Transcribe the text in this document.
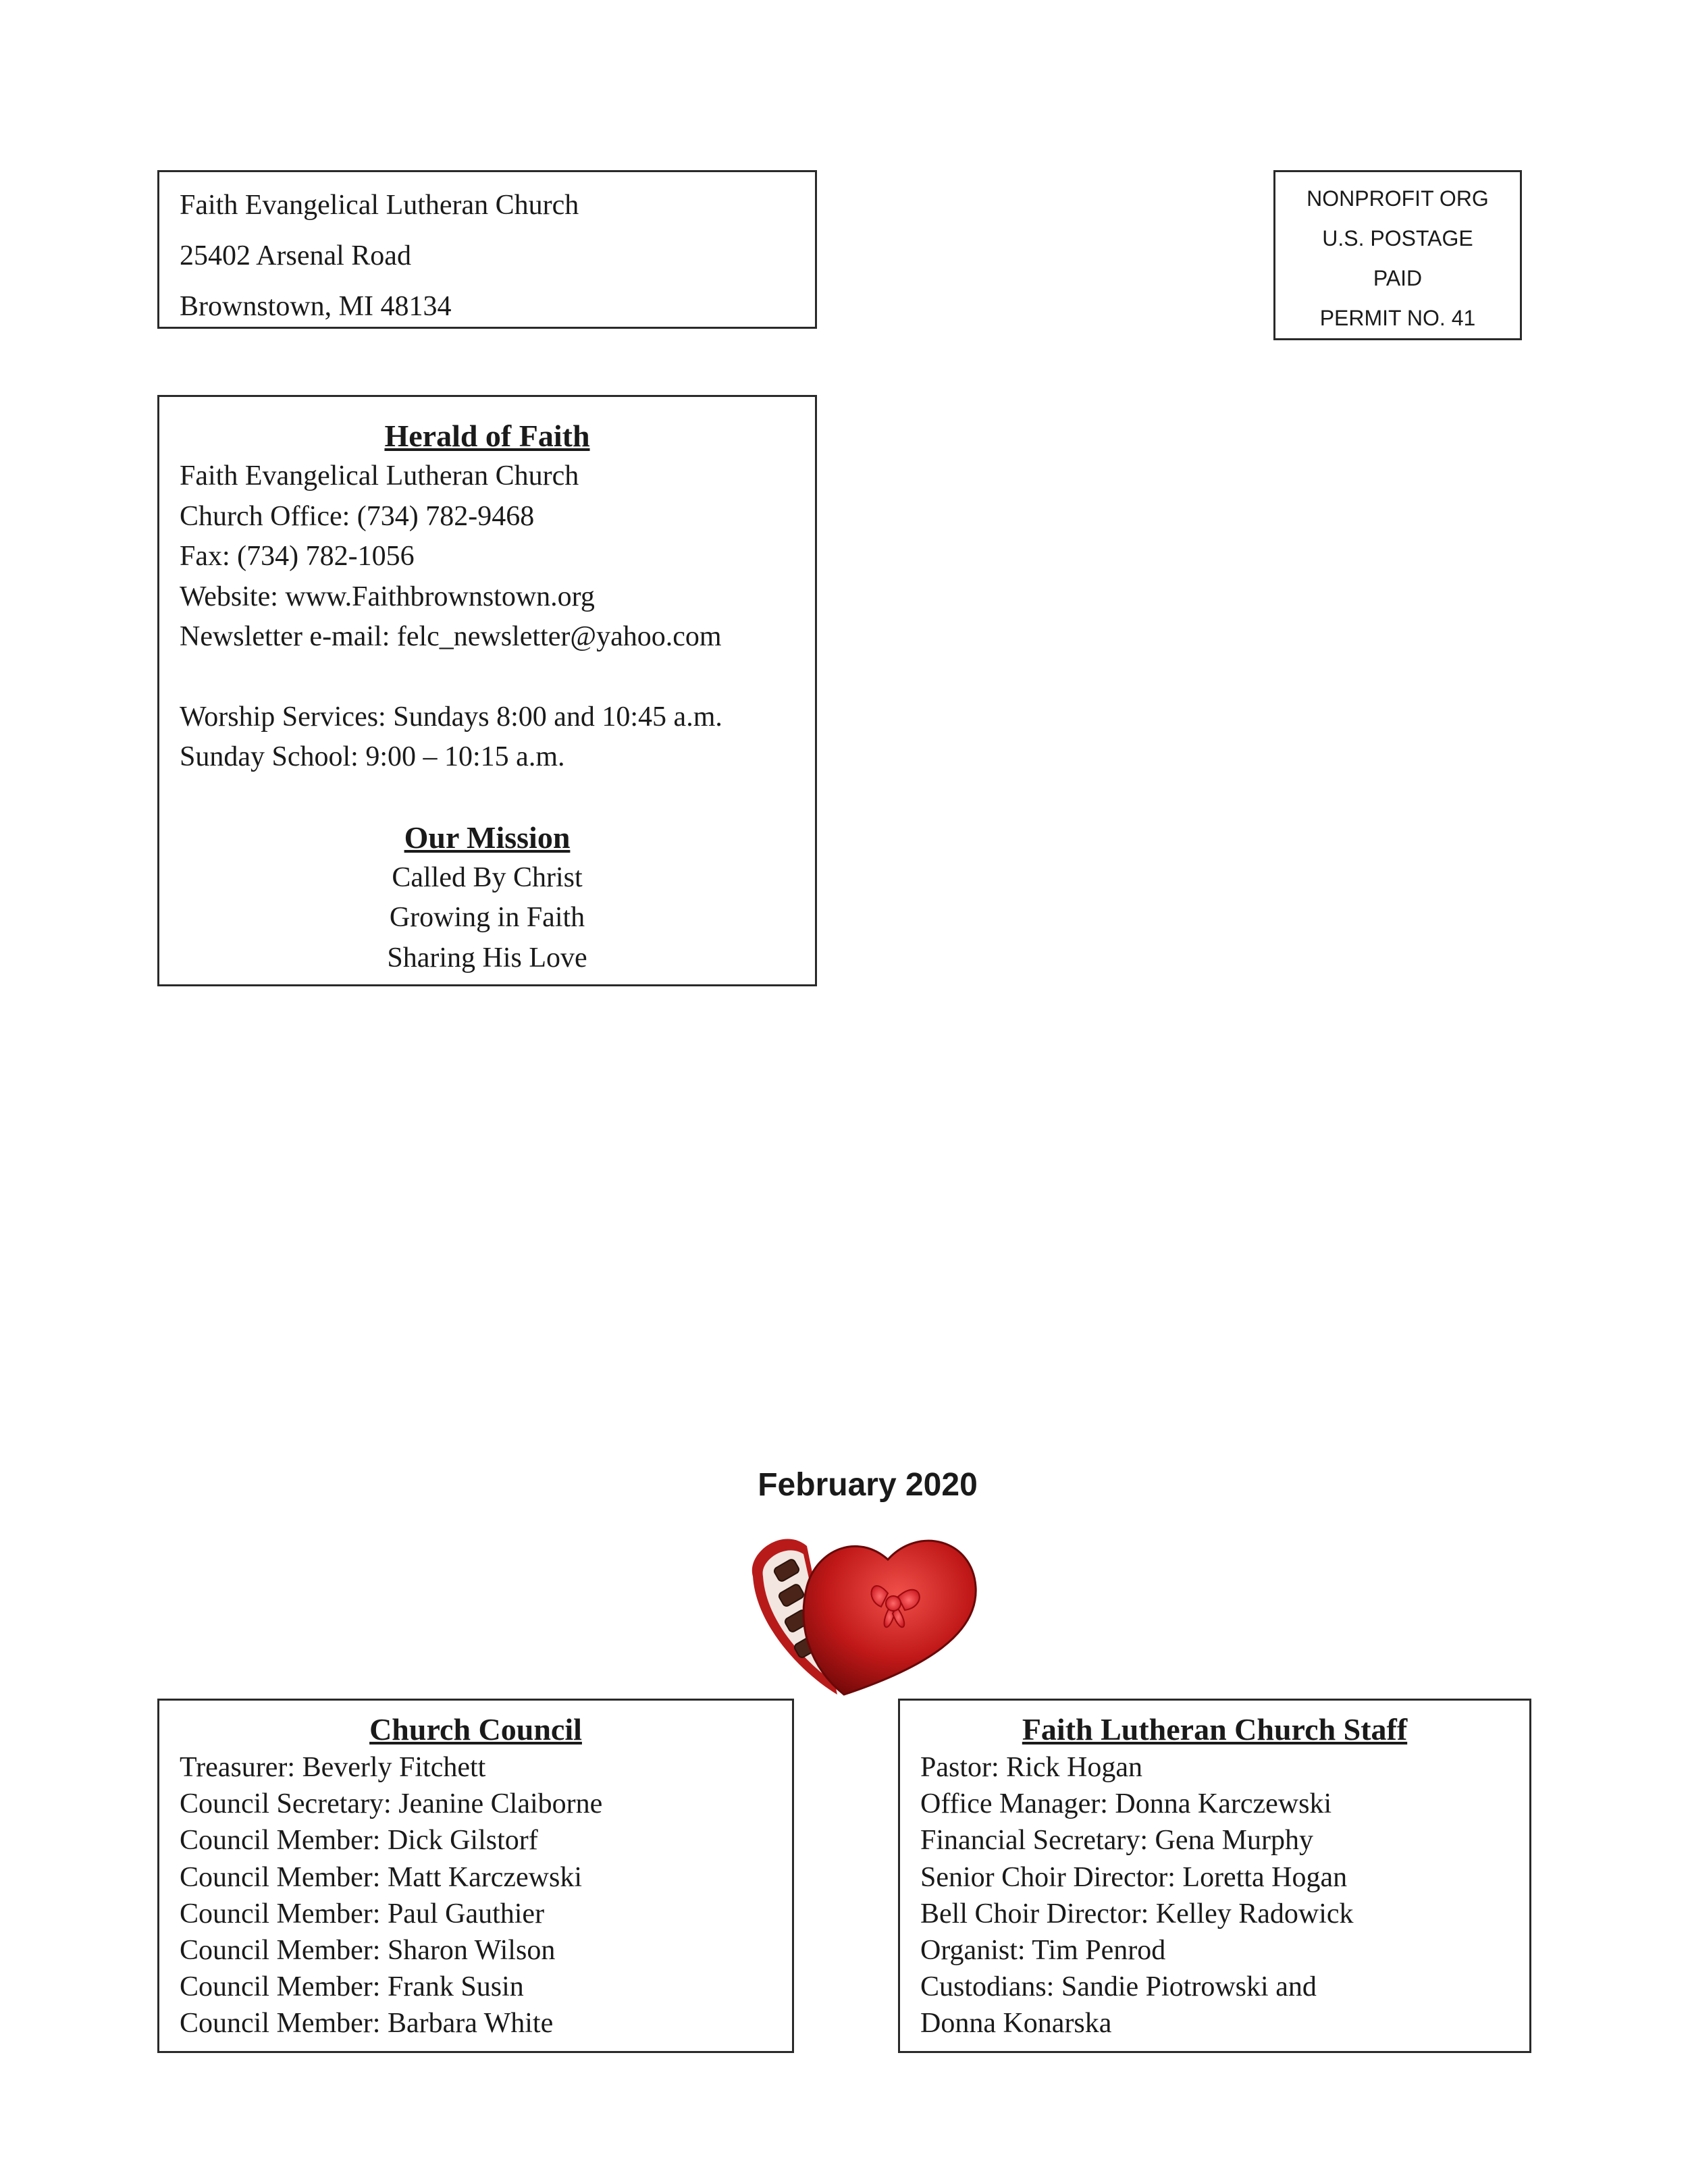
Faith Evangelical Lutheran Church
25402 Arsenal Road
Brownstown, MI 48134
NONPROFIT ORG
U.S. POSTAGE
PAID
PERMIT NO. 41
Herald of Faith
Faith Evangelical Lutheran Church
Church Office: (734) 782-9468
Fax: (734) 782-1056
Website: www.Faithbrownstown.org
Newsletter e-mail: felc_newsletter@yahoo.com
Worship Services: Sundays 8:00 and 10:45 a.m.
Sunday School: 9:00 – 10:15 a.m.
Our Mission
Called By Christ
Growing in Faith
Sharing His Love
February 2020
Church Council
Treasurer: Beverly Fitchett
Council Secretary: Jeanine Claiborne
Council Member: Dick Gilstorf
Council Member: Matt Karczewski
Council Member: Paul Gauthier
Council Member: Sharon Wilson
Council Member: Frank Susin
Council Member: Barbara White
Faith Lutheran Church Staff
Pastor: Rick Hogan
Office Manager: Donna Karczewski
Financial Secretary: Gena Murphy
Senior Choir Director: Loretta Hogan
Bell Choir Director: Kelley Radowick
Organist: Tim Penrod
Custodians: Sandie Piotrowski and
Donna Konarska
